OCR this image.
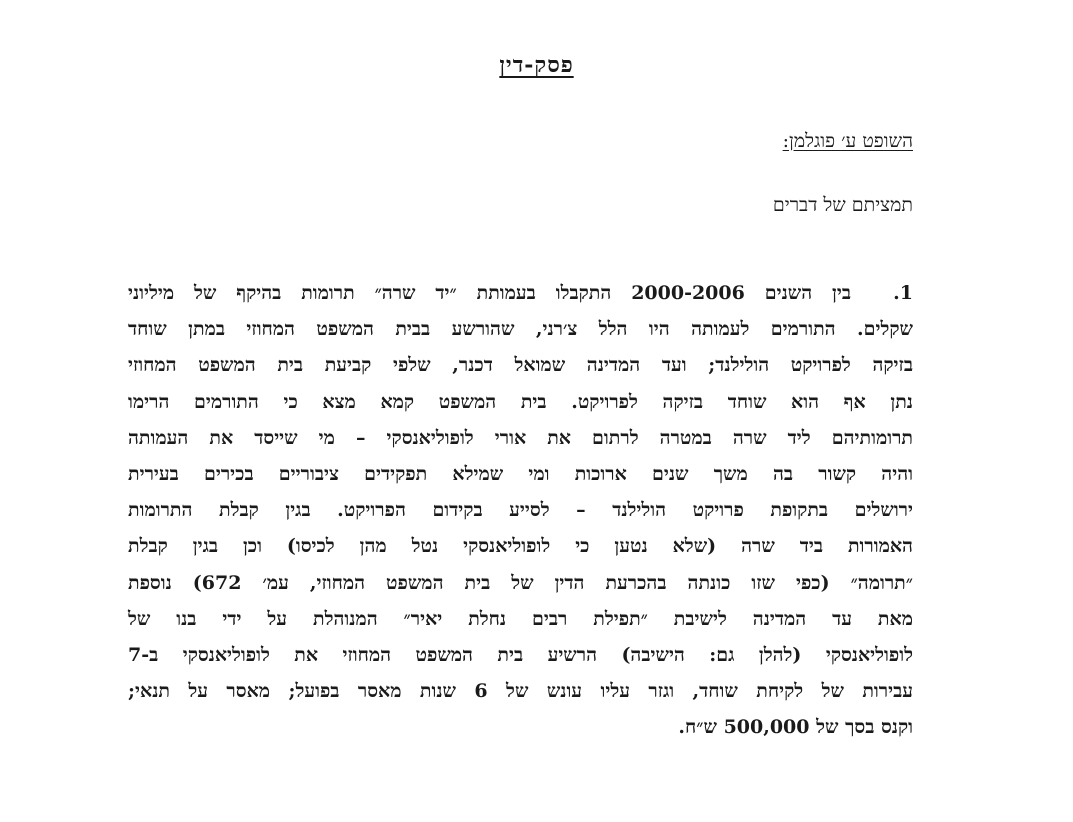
פסק-דין
השופט ע׳ פוגלמן:
תמציתם של דברים
1.
בין השנים 2000-2006 התקבלו בעמותת ״יד שרה״ תרומות בהיקף של מיליוני
שקלים. התורמים לעמותה היו הלל צ׳רני, שהורשע בבית המשפט המחוזי במתן שוחד
בזיקה לפרויקט הולילנד; ועד המדינה שמואל דכנר, שלפי קביעת בית המשפט המחוזי
נתן אף הוא שוחד בזיקה לפרויקט. בית המשפט קמא מצא כי התורמים הרימו
תרומותיהם ליד שרה במטרה לרתום את אורי לופוליאנסקי – מי שייסד את העמותה
והיה קשור בה משך שנים ארוכות ומי שמילא תפקידים ציבוריים בכירים בעירית
ירושלים בתקופת פרויקט הולילנד – לסייע בקידום הפרויקט. בגין קבלת התרומות
האמורות ביד שרה (שלא נטען כי לופוליאנסקי נטל מהן לכיסו) וכן בגין קבלת
״תרומה״ (כפי שזו כונתה בהכרעת הדין של בית המשפט המחוזי, עמ׳ 672) נוספת
מאת עד המדינה לישיבת ״תפילת רבים נחלת יאיר״ המנוהלת על ידי בנו של
לופוליאנסקי (להלן גם: הישיבה) הרשיע בית המשפט המחוזי את לופוליאנסקי ב-7
עבירות של לקיחת שוחד, וגזר עליו עונש של 6 שנות מאסר בפועל; מאסר על תנאי;
וקנס בסך של 500,000 ש״ח.
